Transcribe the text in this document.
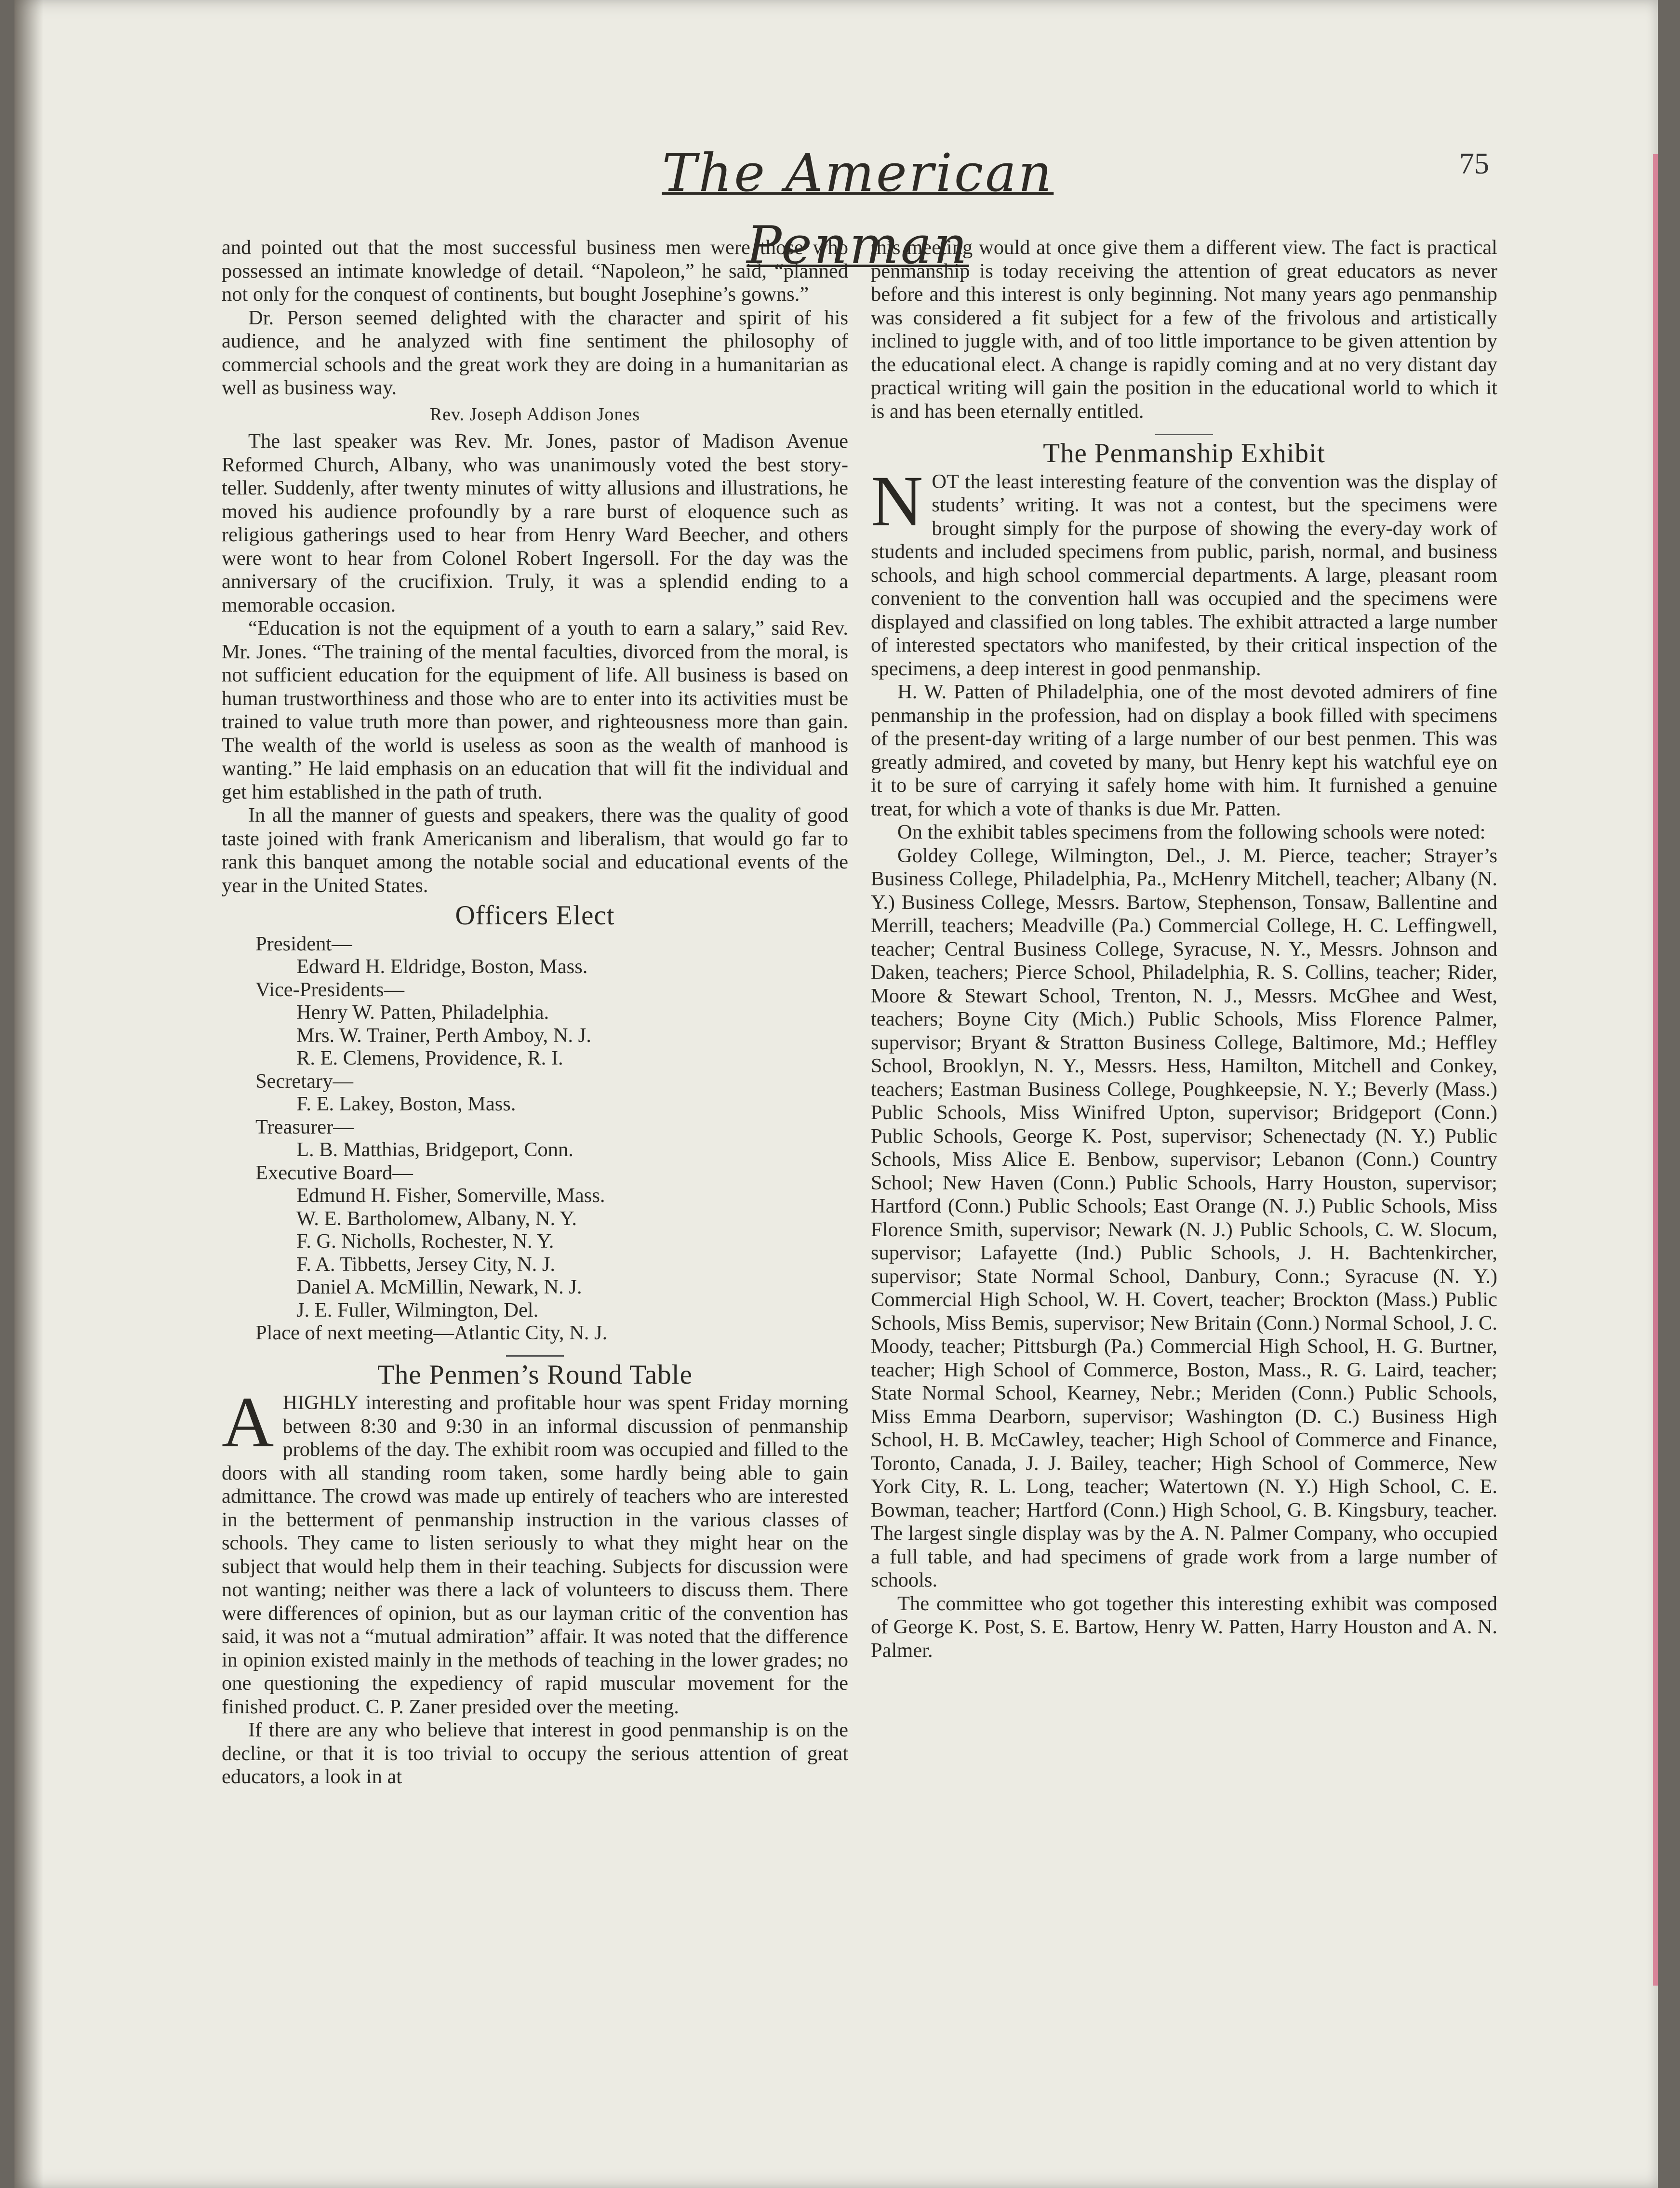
The American Penman
75

and pointed out that the most successful business men were those who possessed an intimate knowledge of detail. “Napoleon,” he said, “planned not only for the conquest of continents, but bought Josephine’s gowns.”

Dr. Person seemed delighted with the character and spirit of his audience, and he analyzed with fine sentiment the philosophy of commercial schools and the great work they are doing in a humanitarian as well as business way.

Rev. Joseph Addison Jones

The last speaker was Rev. Mr. Jones, pastor of Madison Avenue Reformed Church, Albany, who was unanimously voted the best story-teller. Suddenly, after twenty minutes of witty allusions and illustrations, he moved his audience profoundly by a rare burst of eloquence such as religious gatherings used to hear from Henry Ward Beecher, and others were wont to hear from Colonel Robert Ingersoll. For the day was the anniversary of the crucifixion. Truly, it was a splendid ending to a memorable occasion.

“Education is not the equipment of a youth to earn a salary,” said Rev. Mr. Jones. “The training of the mental faculties, divorced from the moral, is not sufficient education for the equipment of life. All business is based on human trustworthiness and those who are to enter into its activities must be trained to value truth more than power, and righteousness more than gain. The wealth of the world is useless as soon as the wealth of manhood is wanting.” He laid emphasis on an education that will fit the individual and get him established in the path of truth.

In all the manner of guests and speakers, there was the quality of good taste joined with frank Americanism and liberalism, that would go far to rank this banquet among the notable social and educational events of the year in the United States.

Officers Elect
President—
Edward H. Eldridge, Boston, Mass.
Vice-Presidents—
Henry W. Patten, Philadelphia.
Mrs. W. Trainer, Perth Amboy, N. J.
R. E. Clemens, Providence, R. I.
Secretary—
F. E. Lakey, Boston, Mass.
Treasurer—
L. B. Matthias, Bridgeport, Conn.
Executive Board—
Edmund H. Fisher, Somerville, Mass.
W. E. Bartholomew, Albany, N. Y.
F. G. Nicholls, Rochester, N. Y.
F. A. Tibbetts, Jersey City, N. J.
Daniel A. McMillin, Newark, N. J.
J. E. Fuller, Wilmington, Del.
Place of next meeting—Atlantic City, N. J.
The Penmen’s Round Table

AHIGHLY interesting and profitable hour was spent Friday morning between 8:30 and 9:30 in an informal discussion of penmanship problems of the day. The exhibit room was occupied and filled to the doors with all standing room taken, some hardly being able to gain admittance. The crowd was made up entirely of teachers who are interested in the betterment of penmanship instruction in the various classes of schools. They came to listen seriously to what they might hear on the subject that would help them in their teaching. Subjects for discussion were not wanting; neither was there a lack of volunteers to discuss them. There were differences of opinion, but as our layman critic of the convention has said, it was not a “mutual admiration” affair. It was noted that the difference in opinion existed mainly in the methods of teaching in the lower grades; no one questioning the expediency of rapid muscular movement for the finished product. C. P. Zaner presided over the meeting.

If there are any who believe that interest in good penmanship is on the decline, or that it is too trivial to occupy the serious attention of great educators, a look in at

this meeting would at once give them a different view. The fact is practical penmanship is today receiving the attention of great educators as never before and this interest is only beginning. Not many years ago penmanship was considered a fit subject for a few of the frivolous and artistically inclined to juggle with, and of too little importance to be given attention by the educational elect. A change is rapidly coming and at no very distant day practical writing will gain the position in the educational world to which it is and has been eternally entitled.

The Penmanship Exhibit

NOT the least interesting feature of the convention was the display of students’ writing. It was not a contest, but the specimens were brought simply for the purpose of showing the every-day work of students and included specimens from public, parish, normal, and business schools, and high school commercial departments. A large, pleasant room convenient to the convention hall was occupied and the specimens were displayed and classified on long tables. The exhibit attracted a large number of interested spectators who manifested, by their critical inspection of the specimens, a deep interest in good penmanship.

H. W. Patten of Philadelphia, one of the most devoted admirers of fine penmanship in the profession, had on display a book filled with specimens of the present-day writing of a large number of our best penmen. This was greatly admired, and coveted by many, but Henry kept his watchful eye on it to be sure of carrying it safely home with him. It furnished a genuine treat, for which a vote of thanks is due Mr. Patten.

On the exhibit tables specimens from the following schools were noted:

Goldey College, Wilmington, Del., J. M. Pierce, teacher; Strayer’s Business College, Philadelphia, Pa., McHenry Mitchell, teacher; Albany (N. Y.) Business College, Messrs. Bartow, Stephenson, Tonsaw, Ballentine and Merrill, teachers; Meadville (Pa.) Commercial College, H. C. Leffingwell, teacher; Central Business College, Syracuse, N. Y., Messrs. Johnson and Daken, teachers; Pierce School, Philadelphia, R. S. Collins, teacher; Rider, Moore & Stewart School, Trenton, N. J., Messrs. McGhee and West, teachers; Boyne City (Mich.) Public Schools, Miss Florence Palmer, supervisor; Bryant & Stratton Business College, Baltimore, Md.; Heffley School, Brooklyn, N. Y., Messrs. Hess, Hamilton, Mitchell and Conkey, teachers; Eastman Business College, Poughkeepsie, N. Y.; Beverly (Mass.) Public Schools, Miss Winifred Upton, supervisor; Bridgeport (Conn.) Public Schools, George K. Post, supervisor; Schenectady (N. Y.) Public Schools, Miss Alice E. Benbow, supervisor; Lebanon (Conn.) Country School; New Haven (Conn.) Public Schools, Harry Houston, supervisor; Hartford (Conn.) Public Schools; East Orange (N. J.) Public Schools, Miss Florence Smith, supervisor; Newark (N. J.) Public Schools, C. W. Slocum, supervisor; Lafayette (Ind.) Public Schools, J. H. Bachtenkircher, supervisor; State Normal School, Danbury, Conn.; Syracuse (N. Y.) Commercial High School, W. H. Covert, teacher; Brockton (Mass.) Public Schools, Miss Bemis, supervisor; New Britain (Conn.) Normal School, J. C. Moody, teacher; Pittsburgh (Pa.) Commercial High School, H. G. Burtner, teacher; High School of Commerce, Boston, Mass., R. G. Laird, teacher; State Normal School, Kearney, Nebr.; Meriden (Conn.) Public Schools, Miss Emma Dearborn, supervisor; Washington (D. C.) Business High School, H. B. McCawley, teacher; High School of Commerce and Finance, Toronto, Canada, J. J. Bailey, teacher; High School of Commerce, New York City, R. L. Long, teacher; Watertown (N. Y.) High School, C. E. Bowman, teacher; Hartford (Conn.) High School, G. B. Kingsbury, teacher. The largest single display was by the A. N. Palmer Company, who occupied a full table, and had specimens of grade work from a large number of schools.

The committee who got together this interesting exhibit was composed of George K. Post, S. E. Bartow, Henry W. Patten, Harry Houston and A. N. Palmer.
